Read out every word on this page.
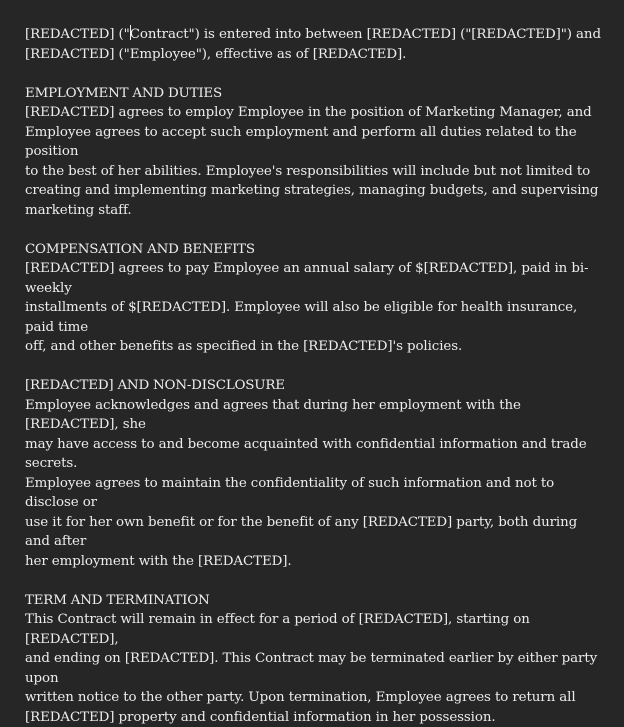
[REDACTED] ("Contract") is entered into between [REDACTED] ("[REDACTED]") and
[REDACTED] ("Employee"), effective as of [REDACTED].

EMPLOYMENT AND DUTIES

[REDACTED] agrees to employ Employee in the position of Marketing Manager, and
Employee agrees to accept such employment and perform all duties related to the position
to the best of her abilities. Employee's responsibilities will include but not limited to
creating and implementing marketing strategies, managing budgets, and supervising
marketing staff.

COMPENSATION AND BENEFITS

[REDACTED] agrees to pay Employee an annual salary of $[REDACTED], paid in bi-weekly
installments of $[REDACTED]. Employee will also be eligible for health insurance, paid time
off, and other benefits as specified in the [REDACTED]'s policies.

[REDACTED] AND NON-DISCLOSURE

Employee acknowledges and agrees that during her employment with the [REDACTED], she
may have access to and become acquainted with confidential information and trade secrets.
Employee agrees to maintain the confidentiality of such information and not to disclose or
use it for her own benefit or for the benefit of any [REDACTED] party, both during and after
her employment with the [REDACTED].

TERM AND TERMINATION

This Contract will remain in effect for a period of [REDACTED], starting on [REDACTED],
and ending on [REDACTED]. This Contract may be terminated earlier by either party upon
written notice to the other party. Upon termination, Employee agrees to return all
[REDACTED] property and confidential information in her possession.
